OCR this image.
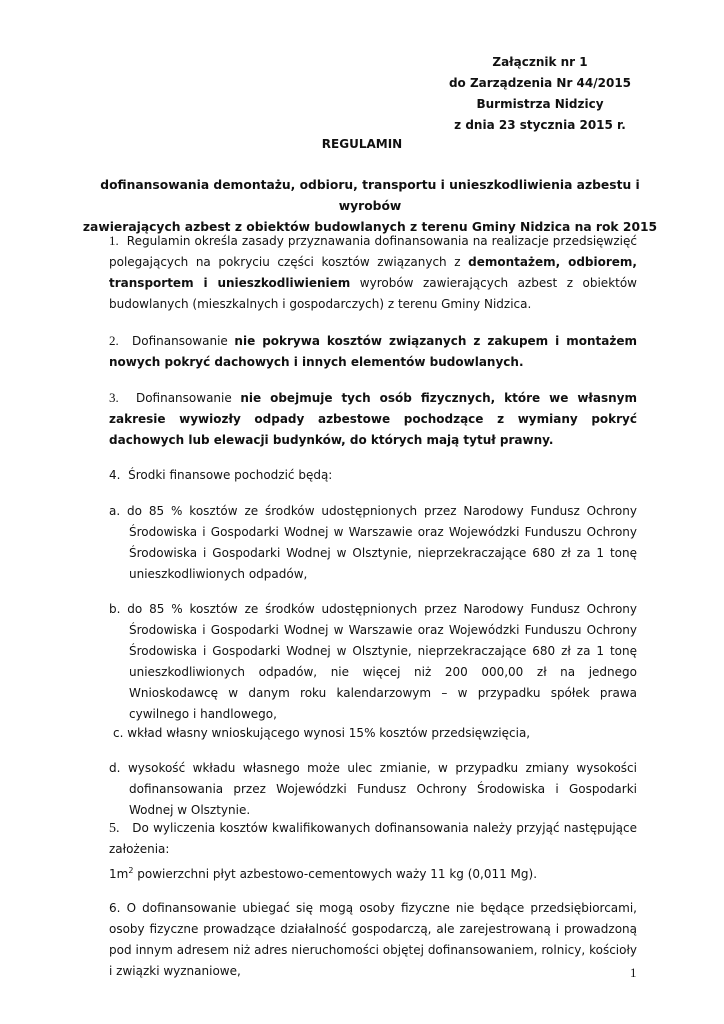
Załącznik nr 1
do Zarządzenia Nr 44/2015
Burmistrza Nidzicy
z dnia 23 stycznia 2015 r.
REGULAMIN
dofinansowania demontażu, odbioru, transportu i unieszkodliwienia azbestu i wyrobów
zawierających azbest z obiektów budowlanych z terenu Gminy Nidzica na rok 2015
1. Regulamin określa zasady przyznawania dofinansowania na realizacje przedsięwzięć polegających na pokryciu części kosztów związanych z demontażem, odbiorem, transportem i unieszkodliwieniem wyrobów zawierających azbest z obiektów budowlanych (mieszkalnych i gospodarczych) z terenu Gminy Nidzica.
2. Dofinansowanie nie pokrywa kosztów związanych z zakupem i montażem nowych pokryć dachowych i innych elementów budowlanych.
3. Dofinansowanie nie obejmuje tych osób fizycznych, które we własnym zakresie wywiozły odpady azbestowe pochodzące z wymiany pokryć dachowych lub elewacji budynków, do których mają tytuł prawny.
4. Środki finansowe pochodzić będą:
a. do 85 % kosztów ze środków udostępnionych przez Narodowy Fundusz Ochrony Środowiska i Gospodarki Wodnej w Warszawie oraz Wojewódzki Funduszu Ochrony Środowiska i Gospodarki Wodnej w Olsztynie, nieprzekraczające 680 zł za 1 tonę unieszkodliwionych odpadów,
b. do 85 % kosztów ze środków udostępnionych przez Narodowy Fundusz Ochrony Środowiska i Gospodarki Wodnej w Warszawie oraz Wojewódzki Funduszu Ochrony Środowiska i Gospodarki Wodnej w Olsztynie, nieprzekraczające 680 zł za 1 tonę unieszkodliwionych odpadów, nie więcej niż 200 000,00 zł na jednego Wnioskodawcę w danym roku kalendarzowym – w przypadku spółek prawa cywilnego i handlowego,
c. wkład własny wnioskującego wynosi 15% kosztów przedsięwzięcia,
d. wysokość wkładu własnego może ulec zmianie, w przypadku zmiany wysokości dofinansowania przez Wojewódzki Fundusz Ochrony Środowiska i Gospodarki Wodnej w Olsztynie.
5. Do wyliczenia kosztów kwalifikowanych dofinansowania należy przyjąć następujące założenia:
$1m^2$ powierzchni płyt azbestowo-cementowych waży 11 kg (0,011 Mg).
6. O dofinansowanie ubiegać się mogą osoby fizyczne nie będące przedsiębiorcami, osoby fizyczne prowadzące działalność gospodarczą, ale zarejestrowaną i prowadzoną pod innym adresem niż adres nieruchomości objętej dofinansowaniem, rolnicy, kościoły i związki wyznaniowe,	1
